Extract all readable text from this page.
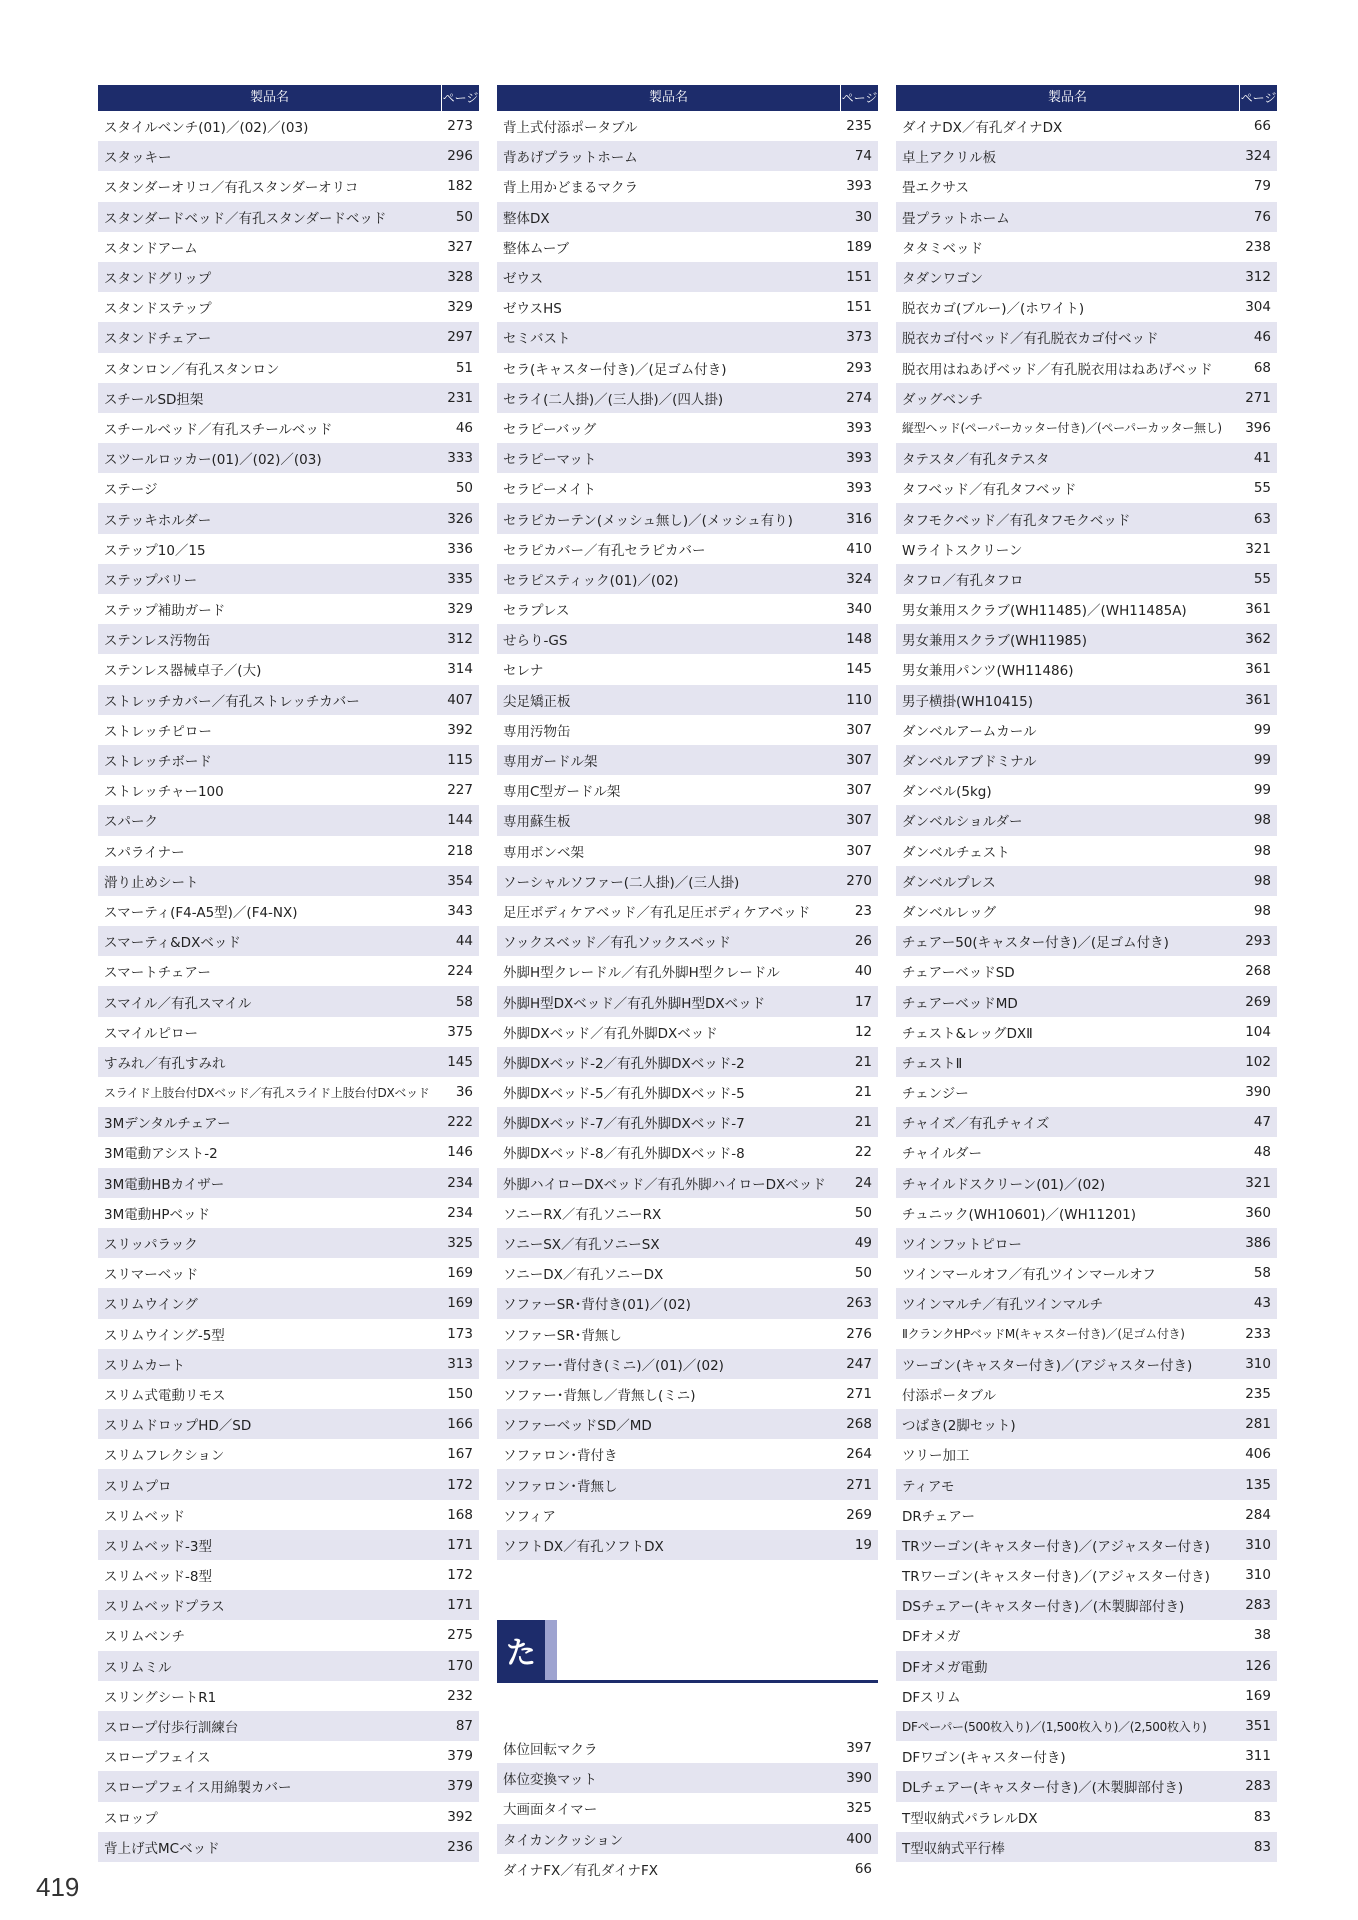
製品名	ページ
スタイルベンチ(01)／(02)／(03)	273
スタッキー	296
スタンダーオリコ／有孔スタンダーオリコ	182
スタンダードベッド／有孔スタンダードベッド	50
スタンドアーム	327
スタンドグリップ	328
スタンドステップ	329
スタンドチェアー	297
スタンロン／有孔スタンロン	51
スチールSD担架	231
スチールベッド／有孔スチールベッド	46
スツールロッカー(01)／(02)／(03)	333
ステージ	50
ステッキホルダー	326
ステップ10／15	336
ステップバリー	335
ステップ補助ガード	329
ステンレス汚物缶	312
ステンレス器械卓子／(大)	314
ストレッチカバー／有孔ストレッチカバー	407
ストレッチピロー	392
ストレッチボード	115
ストレッチャー100	227
スパーク	144
スパライナー	218
滑り止めシート	354
スマーティ(F4-A5型)／(F4-NX)	343
スマーティ&DXベッド	44
スマートチェアー	224
スマイル／有孔スマイル	58
スマイルピロー	375
すみれ／有孔すみれ	145
スライド上肢台付DXベッド／有孔スライド上肢台付DXベッド	36
3Mデンタルチェアー	222
3M電動アシスト-2	146
3M電動HBカイザー	234
3M電動HPベッド	234
スリッパラック	325
スリマーベッド	169
スリムウイング	169
スリムウイング-5型	173
スリムカート	313
スリム式電動リモス	150
スリムドロップHD／SD	166
スリムフレクション	167
スリムプロ	172
スリムベッド	168
スリムベッド-3型	171
スリムベッド-8型	172
スリムベッドプラス	171
スリムベンチ	275
スリムミル	170
スリングシートR1	232
スロープ付歩行訓練台	87
スロープフェイス	379
スロープフェイス用綿製カバー	379
スロップ	392
背上げ式MCベッド	236
製品名	ページ
背上式付添ポータブル	235
背あげプラットホーム	74
背上用かどまるマクラ	393
整体DX	30
整体ムーブ	189
ゼウス	151
ゼウスHS	151
セミバスト	373
セラ(キャスター付き)／(足ゴム付き)	293
セライ(二人掛)／(三人掛)／(四人掛)	274
セラピーバッグ	393
セラピーマット	393
セラピーメイト	393
セラピカーテン(メッシュ無し)／(メッシュ有り)	316
セラピカバー／有孔セラピカバー	410
セラピスティック(01)／(02)	324
セラプレス	340
せらり-GS	148
セレナ	145
尖足矯正板	110
専用汚物缶	307
専用ガードル架	307
専用C型ガードル架	307
専用蘇生板	307
専用ボンベ架	307
ソーシャルソファー(二人掛)／(三人掛)	270
足圧ボディケアベッド／有孔足圧ボディケアベッド	23
ソックスベッド／有孔ソックスベッド	26
外脚H型クレードル／有孔外脚H型クレードル	40
外脚H型DXベッド／有孔外脚H型DXベッド	17
外脚DXベッド／有孔外脚DXベッド	12
外脚DXベッド-2／有孔外脚DXベッド-2	21
外脚DXベッド-5／有孔外脚DXベッド-5	21
外脚DXベッド-7／有孔外脚DXベッド-7	21
外脚DXベッド-8／有孔外脚DXベッド-8	22
外脚ハイローDXベッド／有孔外脚ハイローDXベッド	24
ソニーRX／有孔ソニーRX	50
ソニーSX／有孔ソニーSX	49
ソニーDX／有孔ソニーDX	50
ソファーSR･背付き(01)／(02)	263
ソファーSR･背無し	276
ソファー･背付き(ミニ)／(01)／(02)	247
ソファー･背無し／背無し(ミニ)	271
ソファーベッドSD／MD	268
ソファロン･背付き	264
ソファロン･背無し	271
ソフィア	269
ソフトDX／有孔ソフトDX	19
た
体位回転マクラ	397
体位変換マット	390
大画面タイマー	325
タイカンクッション	400
ダイナFX／有孔ダイナFX	66
製品名	ページ
ダイナDX／有孔ダイナDX	66
卓上アクリル板	324
畳エクサス	79
畳プラットホーム	76
タタミベッド	238
タダンワゴン	312
脱衣カゴ(ブルー)／(ホワイト)	304
脱衣カゴ付ベッド／有孔脱衣カゴ付ベッド	46
脱衣用はねあげベッド／有孔脱衣用はねあげベッド	68
ダッグベンチ	271
縦型ヘッド(ペーパーカッター付き)／(ペーパーカッター無し)	396
タテスタ／有孔タテスタ	41
タフベッド／有孔タフベッド	55
タフモクベッド／有孔タフモクベッド	63
Wライトスクリーン	321
タフロ／有孔タフロ	55
男女兼用スクラブ(WH11485)／(WH11485A)	361
男女兼用スクラブ(WH11985)	362
男女兼用パンツ(WH11486)	361
男子横掛(WH10415)	361
ダンベルアームカール	99
ダンベルアブドミナル	99
ダンベル(5kg)	99
ダンベルショルダー	98
ダンベルチェスト	98
ダンベルプレス	98
ダンベルレッグ	98
チェアー50(キャスター付き)／(足ゴム付き)	293
チェアーベッドSD	268
チェアーベッドMD	269
チェスト&レッグDXⅡ	104
チェストⅡ	102
チェンジー	390
チャイズ／有孔チャイズ	47
チャイルダー	48
チャイルドスクリーン(01)／(02)	321
チュニック(WH10601)／(WH11201)	360
ツインフットピロー	386
ツインマールオフ／有孔ツインマールオフ	58
ツインマルチ／有孔ツインマルチ	43
ⅡクランクHPベッドM(キャスター付き)／(足ゴム付き)	233
ツーゴン(キャスター付き)／(アジャスター付き)	310
付添ポータブル	235
つばき(2脚セット)	281
ツリー加工	406
ティアモ	135
DRチェアー	284
TRツーゴン(キャスター付き)／(アジャスター付き)	310
TRワーゴン(キャスター付き)／(アジャスター付き)	310
DSチェアー(キャスター付き)／(木製脚部付き)	283
DFオメガ	38
DFオメガ電動	126
DFスリム	169
DFペーパー(500枚入り)／(1,500枚入り)／(2,500枚入り)	351
DFワゴン(キャスター付き)	311
DLチェアー(キャスター付き)／(木製脚部付き)	283
T型収納式パラレルDX	83
T型収納式平行棒	83
419
